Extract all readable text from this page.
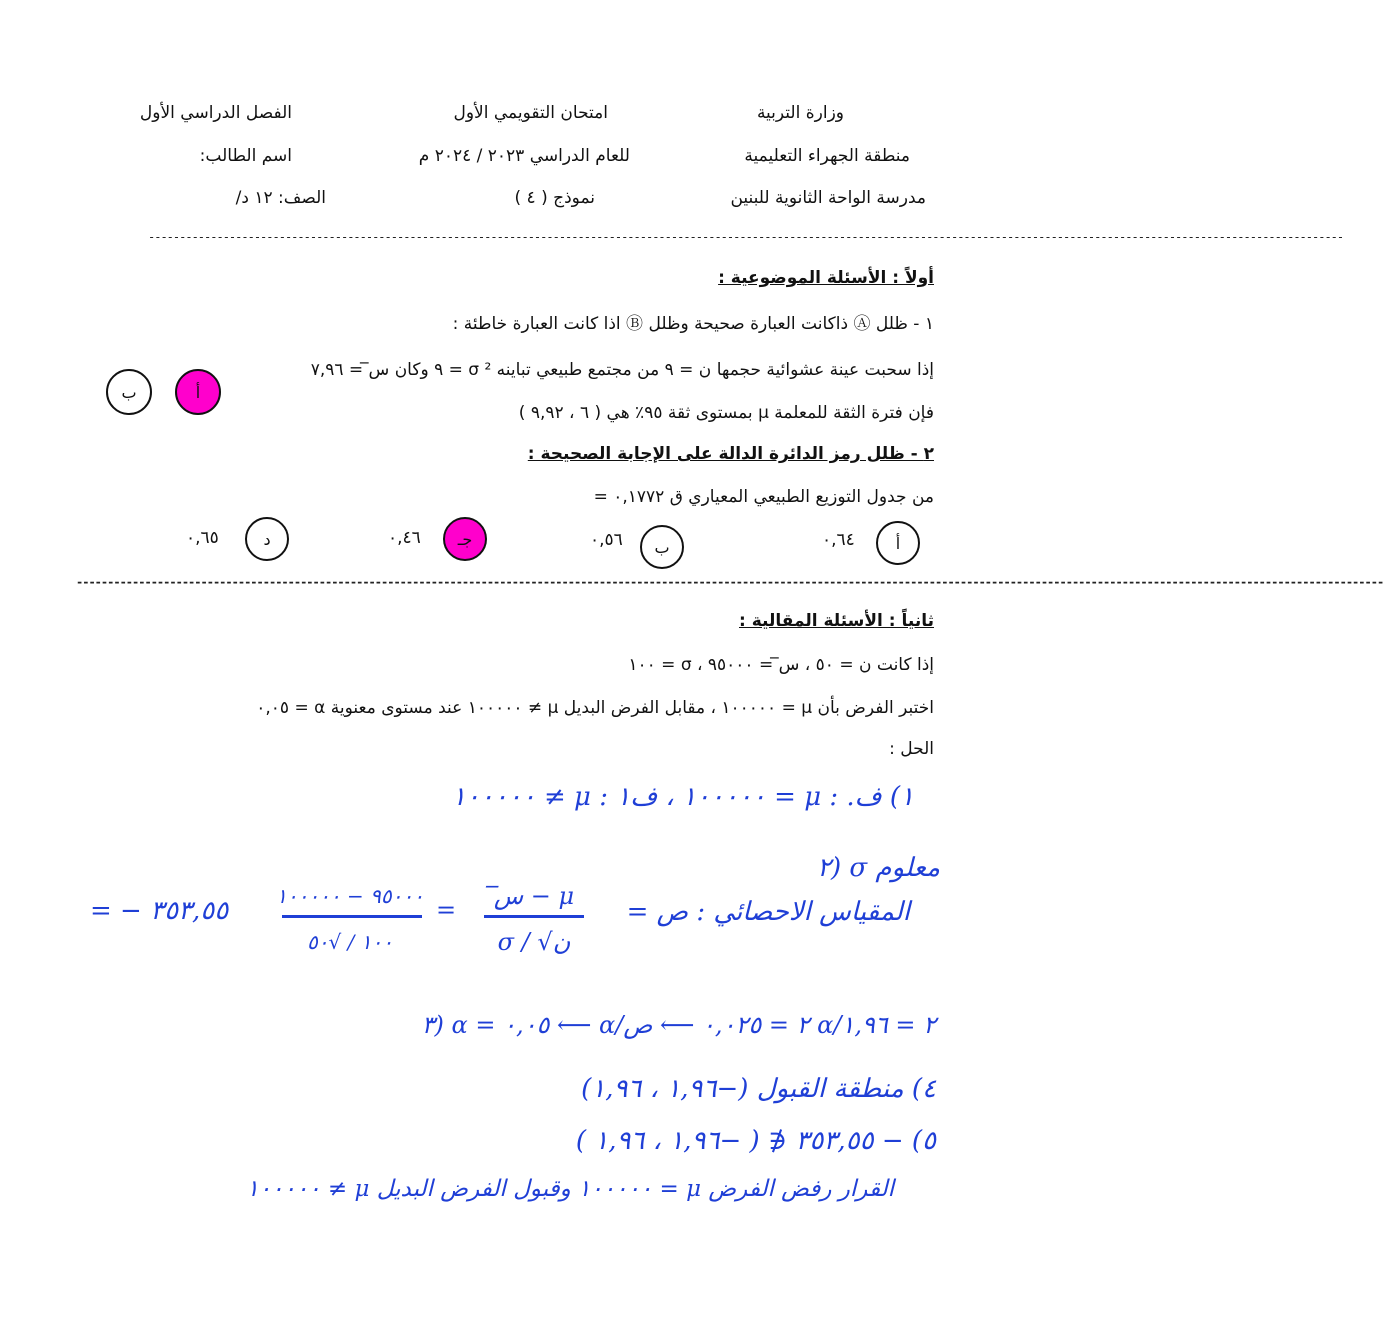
وزارة التربية
امتحان التقويمي الأول
الفصل الدراسي الأول
منطقة الجهراء التعليمية
للعام الدراسي ٢٠٢٣ / ٢٠٢٤ م
اسم الطالب:
مدرسة الواحة الثانوية للبنين
نموذج ( ٤ )
الصف: ١٢ د/
------------------------------------------------------------------------------------------------------------------------------------------------------------------------------------------------
أولاً : الأسئلة الموضوعية :
١ - ظلل Ⓐ ذاكانت العبارة صحيحة وظلل Ⓑ اذا كانت العبارة خاطئة :
إذا سحبت عينة عشوائية حجمها ن = ٩ من مجتمع طبيعي تباينه σ ² = ٩ وكان س̅ = ٧,٩٦
فإن فترة الثقة للمعلمة μ بمستوى ثقة ٩٥٪ هي ( ٦ ، ٩,٩٢ )
أ
ب
٢ - ظلل رمز الدائرة الدالة على الإجابة الصحيحة :
من جدول التوزيع الطبيعي المعياري ق ٠,١٧٧٢ =
أ
٠,٦٤
ب
٠,٥٦
جـ
٠,٤٦
د
٠,٦٥
------------------------------------------------------------------------------------------------------------------------------------------------------------------------------------------------------------------
ثانياً : الأسئلة المقالية :
إذا كانت ن = ٥٠ ، س̅ = ٩٥٠٠٠ ، σ = ١٠٠
اختبر الفرض بأن μ = ١٠٠٠٠٠ ، مقابل الفرض البديل μ ≠ ١٠٠٠٠٠ عند مستوى معنوية α = ٠,٠٥
الحل :
١) ف. : μ = ١٠٠٠٠٠ ، ف١ : μ ≠ ١٠٠٠٠٠
٢) σ معلوم
المقياس الاحصائي : ص =
س̅ − μ
σ / √ن
=
٩٥٠٠٠ − ١٠٠٠٠٠
١٠٠ / √٥٠
= − ٣٥٣,٥٥
٣) α = ٠,٠٥ ⟵ α/٢ = ٠,٠٢٥ ⟵ ص α/٢ = ١,٩٦
٤) منطقة القبول (−١,٩٦ ، ١,٩٦)
٥) − ٣٥٣,٥٥ ∉ ( −١,٩٦ ، ١,٩٦ )
القرار رفض الفرض μ = ١٠٠٠٠٠ وقبول الفرض البديل μ ≠ ١٠٠٠٠٠
